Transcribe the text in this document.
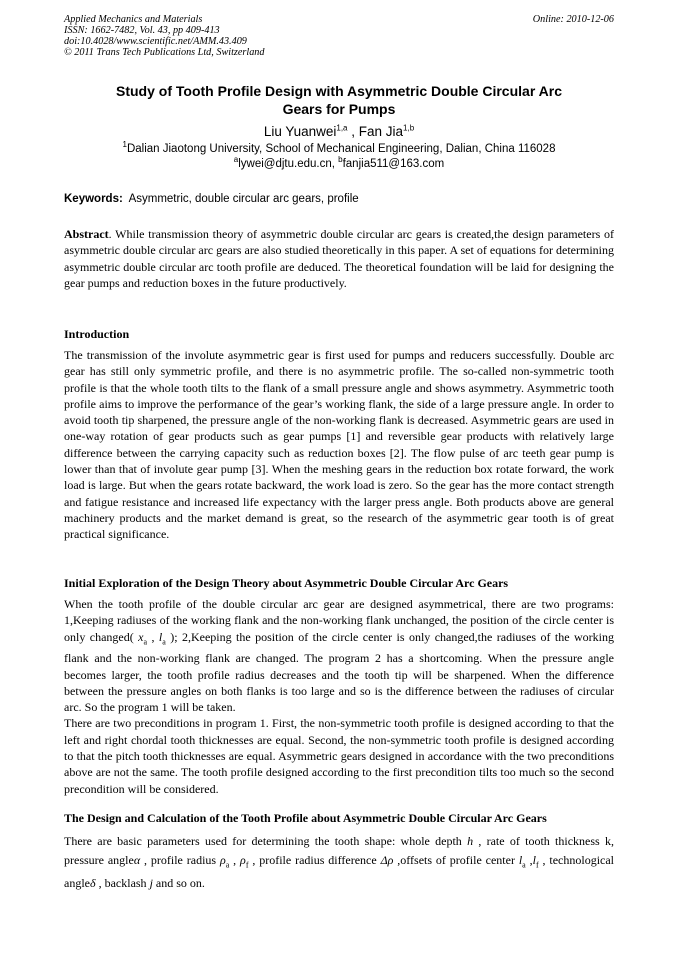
Applied Mechanics and Materials
ISSN: 1662-7482, Vol. 43, pp 409-413
doi:10.4028/www.scientific.net/AMM.43.409
© 2011 Trans Tech Publications Ltd, Switzerland
Online: 2010-12-06
Study of Tooth Profile Design with Asymmetric Double Circular Arc
Gears for Pumps
Liu Yuanwei$^{1,a}$ , Fan Jia$^{1,b}$
$^1$Dalian Jiaotong University, School of Mechanical Engineering, Dalian, China 116028
$^a$lywei@djtu.edu.cn, $^b$fanjia511@163.com
Keywords: Asymmetric, double circular arc gears, profile

Abstract. While transmission theory of asymmetric double circular arc gears is created,the design parameters of asymmetric double circular arc gears are also studied theoretically in this paper. A set of equations for determining asymmetric double circular arc tooth profile are deduced. The theoretical foundation will be laid for designing the gear pumps and reduction boxes in the future productively.

Introduction

The transmission of the involute asymmetric gear is first used for pumps and reducers successfully. Double arc gear has still only symmetric profile, and there is no asymmetric profile. The so-called non-symmetric tooth profile is that the whole tooth tilts to the flank of a small pressure angle and shows asymmetry. Asymmetric tooth profile aims to improve the performance of the gear’s working flank, the side of a large pressure angle. In order to avoid tooth tip sharpened, the pressure angle of the non-working flank is decreased. Asymmetric gears are used in one-way rotation of gear products such as gear pumps [1] and reversible gear products with relatively large difference between the carrying capacity such as reduction boxes [2]. The flow pulse of arc teeth gear pump is lower than that of involute gear pump [3]. When the meshing gears in the reduction box rotate forward, the work load is large. But when the gears rotate backward, the work load is zero. So the gear has the more contact strength and fatigue resistance and increased life expectancy with the larger press angle. Both products above are general machinery products and the market demand is great, so the research of the asymmetric gear tooth is of great practical significance.

Initial Exploration of the Design Theory about Asymmetric Double Circular Arc Gears

When the tooth profile of the double circular arc gear are designed asymmetrical, there are two programs: 1,Keeping radiuses of the working flank and the non-working flank unchanged, the position of the circle center is only changed( $x_a$ , $l_a$ ); 2,Keeping the position of the circle center is only changed,the radiuses of the working flank and the non-working flank are changed. The program 2 has a shortcoming. When the pressure angle becomes larger, the tooth profile radius decreases and the tooth tip will be sharpened. When the difference between the pressure angles on both flanks is too large and so is the difference between the radiuses of circular arc. So the program 1 will be taken.

There are two preconditions in program 1. First, the non-symmetric tooth profile is designed according to that the left and right chordal tooth thicknesses are equal. Second, the non-symmetric tooth profile is designed according to that the pitch tooth thicknesses are equal. Asymmetric gears designed in accordance with the two preconditions above are not the same. The tooth profile designed according to the first precondition tilts too much so the second precondition will be considered.

The Design and Calculation of the Tooth Profile about Asymmetric Double Circular Arc Gears

There are basic parameters used for determining the tooth shape: whole depth h , rate of tooth thickness k, pressure angleα , profile radius $\rho_a$ , $\rho_f$ , profile radius difference Δρ ,offsets of profile center $l_a$ $,l_f$ , technological angleδ , backlash j and so on.
